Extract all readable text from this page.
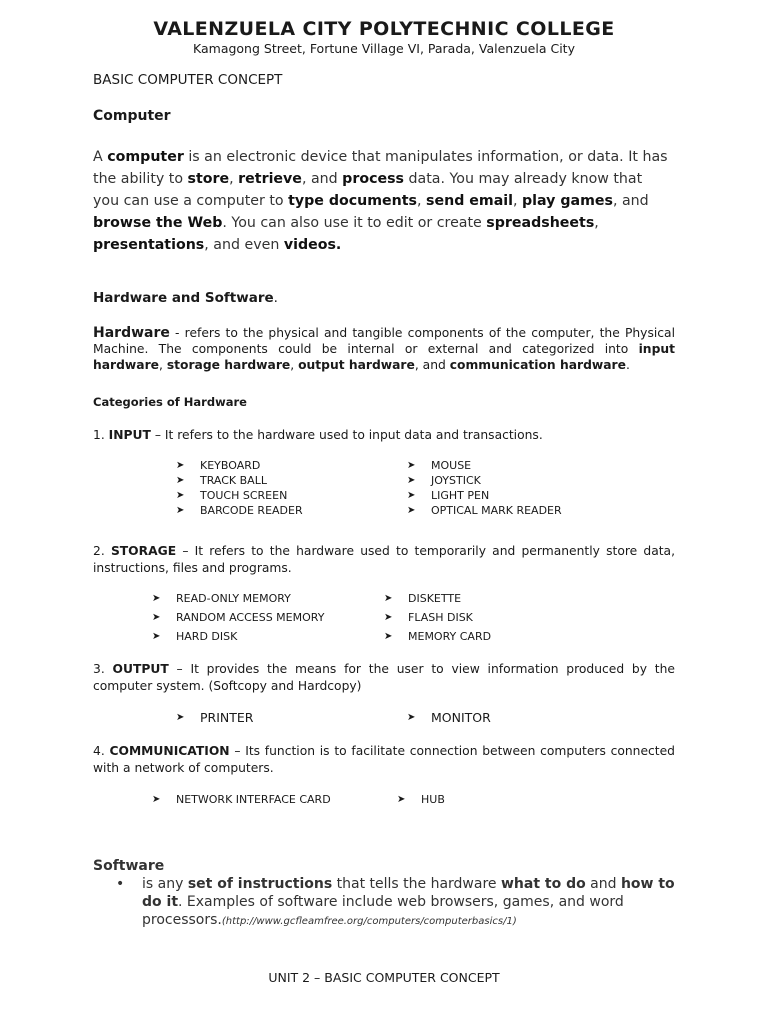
VALENZUELA CITY POLYTECHNIC COLLEGE
Kamagong Street, Fortune Village VI, Parada, Valenzuela City
BASIC COMPUTER CONCEPT
Computer
A computer is an electronic device that manipulates information, or data. It has the ability to store, retrieve, and process data. You may already know that you can use a computer to type documents, send email, play games, and browse the Web. You can also use it to edit or create spreadsheets, presentations, and even videos.
Hardware and Software.
Hardware - refers to the physical and tangible components of the computer, the Physical Machine. The components could be internal or external and categorized into input hardware, storage hardware, output hardware, and communication hardware.
Categories of Hardware
1. INPUT – It refers to the hardware used to input data and transactions.
➤	KEYBOARD
➤	TRACK BALL
➤	TOUCH SCREEN
➤	BARCODE READER
➤	MOUSE
➤	JOYSTICK
➤	LIGHT PEN
➤	OPTICAL MARK READER
2. STORAGE – It refers to the hardware used to temporarily and permanently store data, instructions, files and programs.
➤	READ-ONLY MEMORY
➤	RANDOM ACCESS MEMORY
➤	HARD DISK
➤	DISKETTE
➤	FLASH DISK
➤	MEMORY CARD
3. OUTPUT – It provides the means for the user to view information produced by the computer system. (Softcopy and Hardcopy)
➤	PRINTER	➤	MONITOR
4. COMMUNICATION – Its function is to facilitate connection between computers connected with a network of computers.
➤	NETWORK INTERFACE CARD	➤	HUB
Software
• is any set of instructions that tells the hardware what to do and how to do it. Examples of software include web browsers, games, and word processors.(http://www.gcfleamfree.org/computers/computerbasics/1)
UNIT 2 – BASIC COMPUTER CONCEPT
